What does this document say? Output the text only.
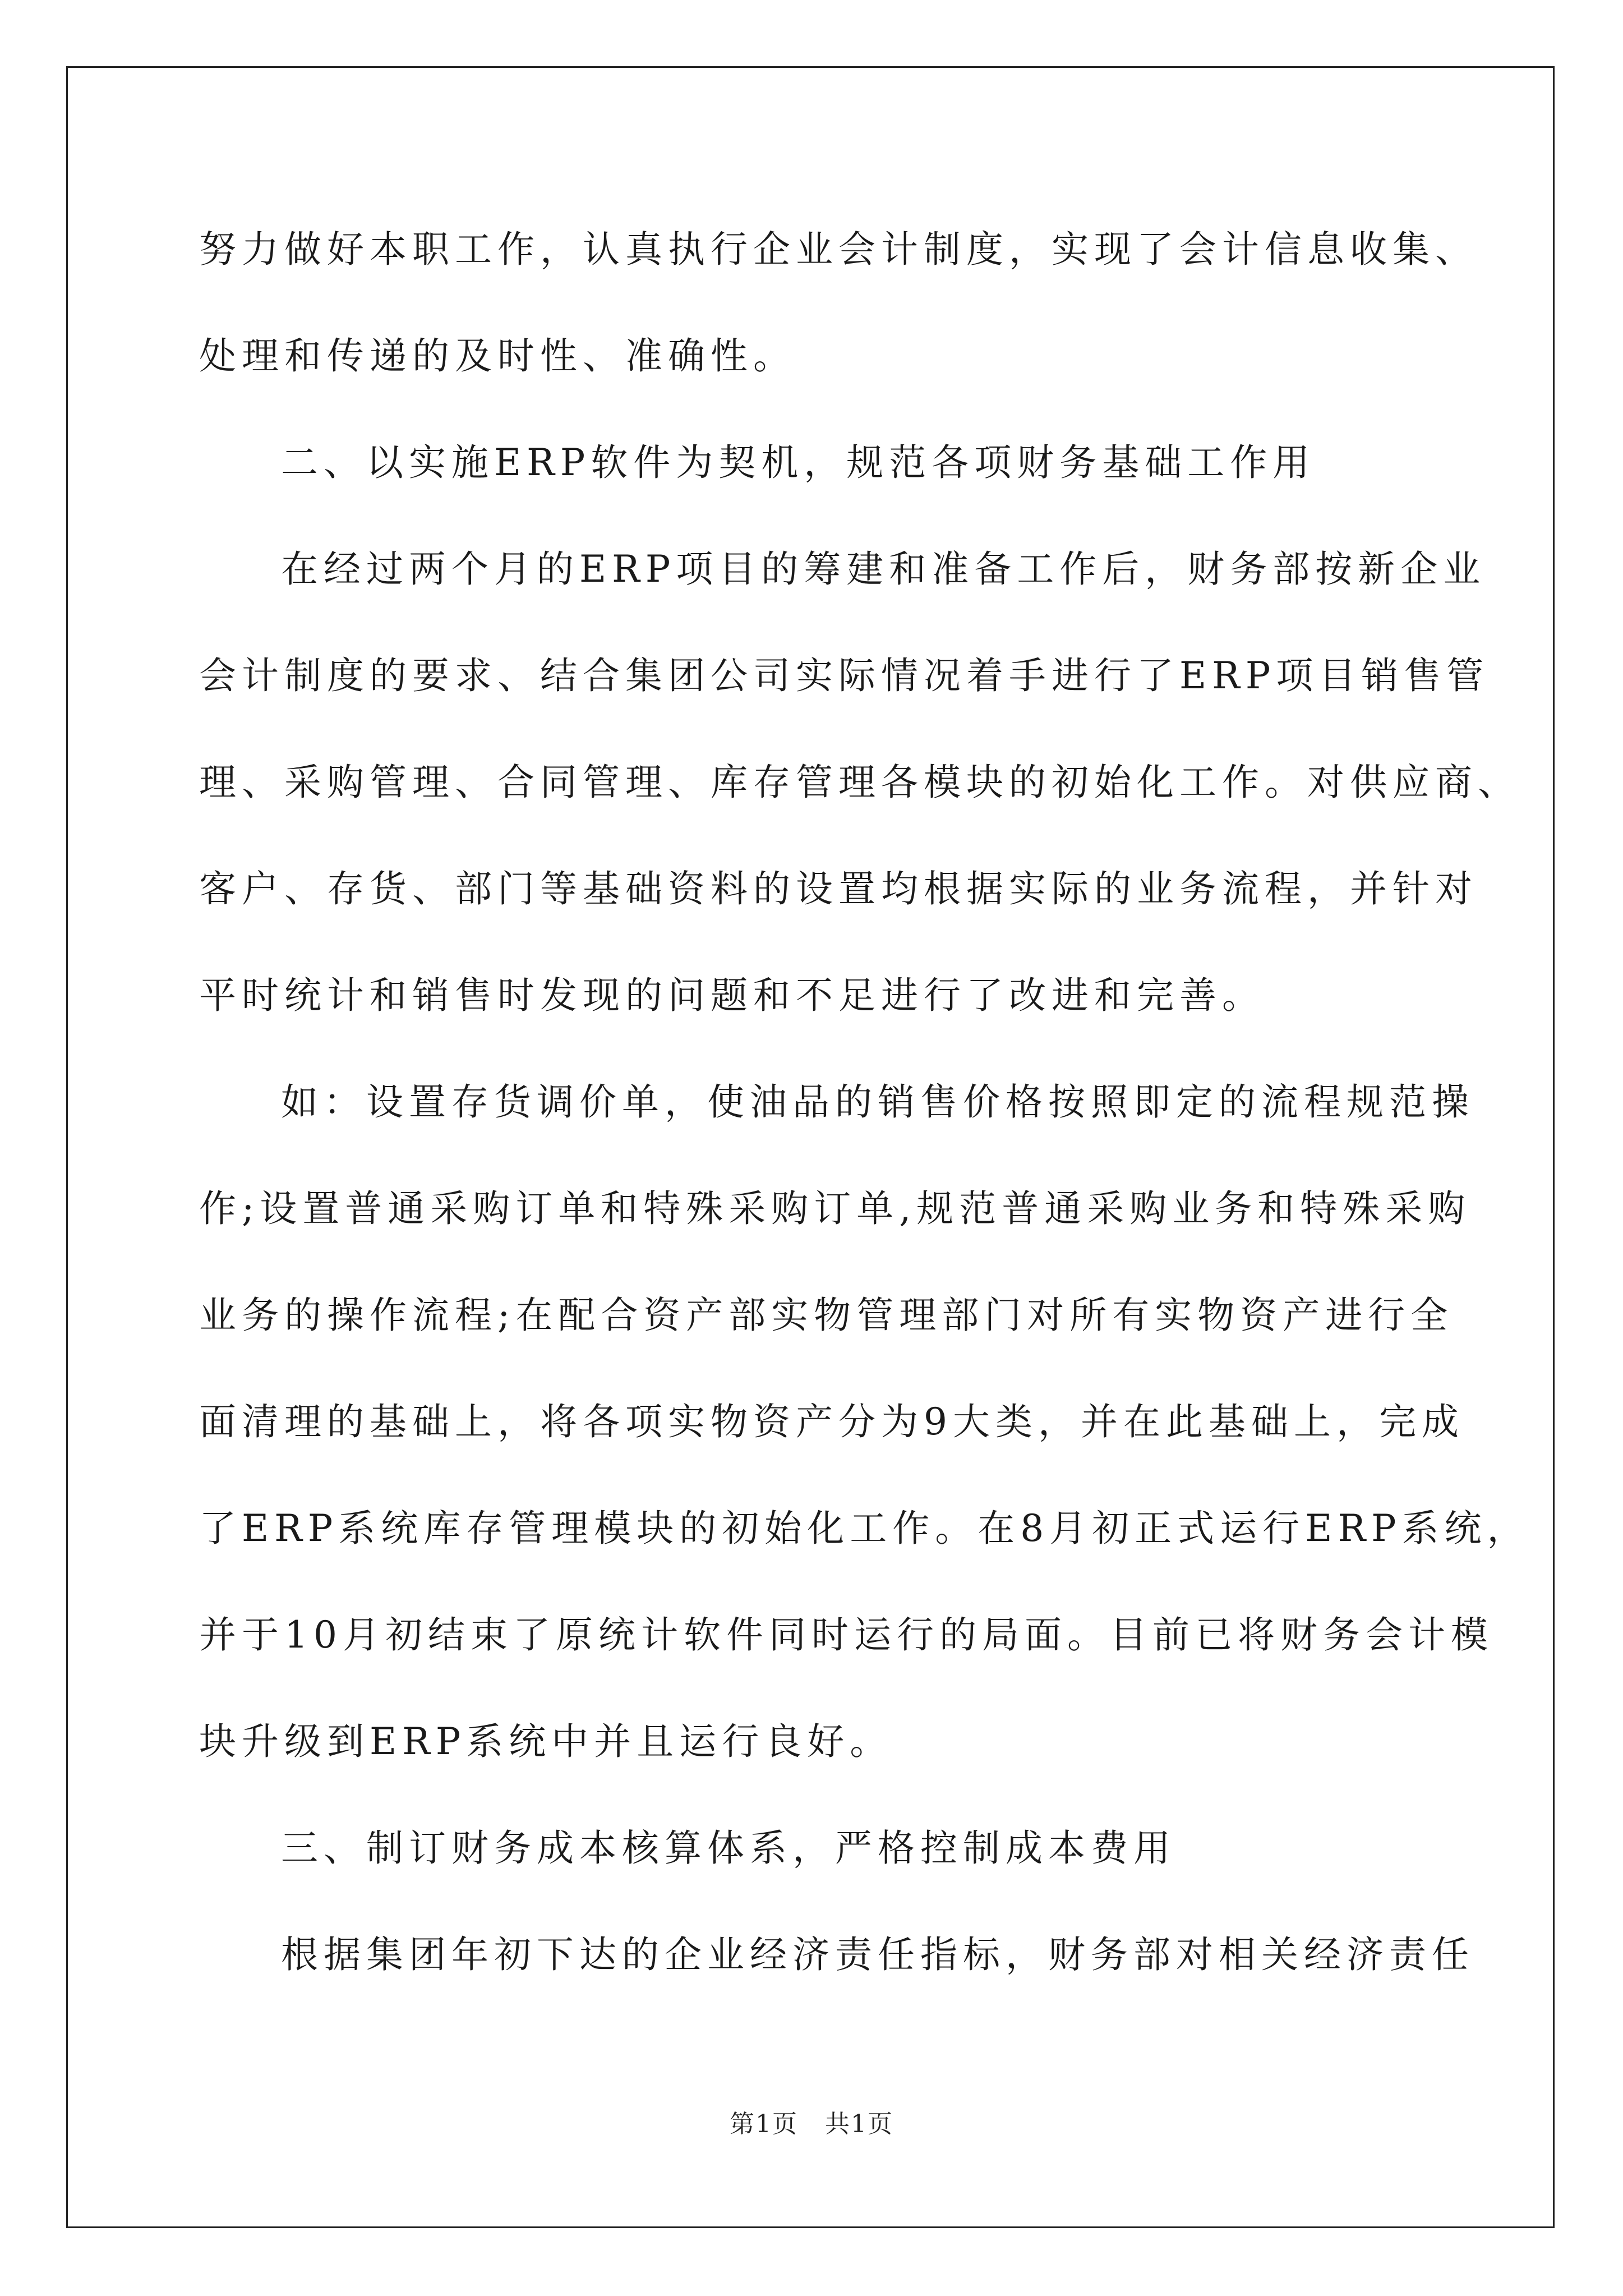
努力做好本职工作，认真执行企业会计制度，实现了会计信息收集、
处理和传递的及时性、准确性。
二、以实施ERP软件为契机，规范各项财务基础工作用
在经过两个月的ERP项目的筹建和准备工作后，财务部按新企业
会计制度的要求、结合集团公司实际情况着手进行了ERP项目销售管
理、采购管理、合同管理、库存管理各模块的初始化工作。对供应商、
客户、存货、部门等基础资料的设置均根据实际的业务流程，并针对
平时统计和销售时发现的问题和不足进行了改进和完善。
如：设置存货调价单，使油品的销售价格按照即定的流程规范操
作;设置普通采购订单和特殊采购订单,规范普通采购业务和特殊采购
业务的操作流程;在配合资产部实物管理部门对所有实物资产进行全
面清理的基础上，将各项实物资产分为9大类，并在此基础上，完成
了ERP系统库存管理模块的初始化工作。在8月初正式运行ERP系统，
并于10月初结束了原统计软件同时运行的局面。目前已将财务会计模
块升级到ERP系统中并且运行良好。
三、制订财务成本核算体系，严格控制成本费用
根据集团年初下达的企业经济责任指标，财务部对相关经济责任
第1页   共1页
